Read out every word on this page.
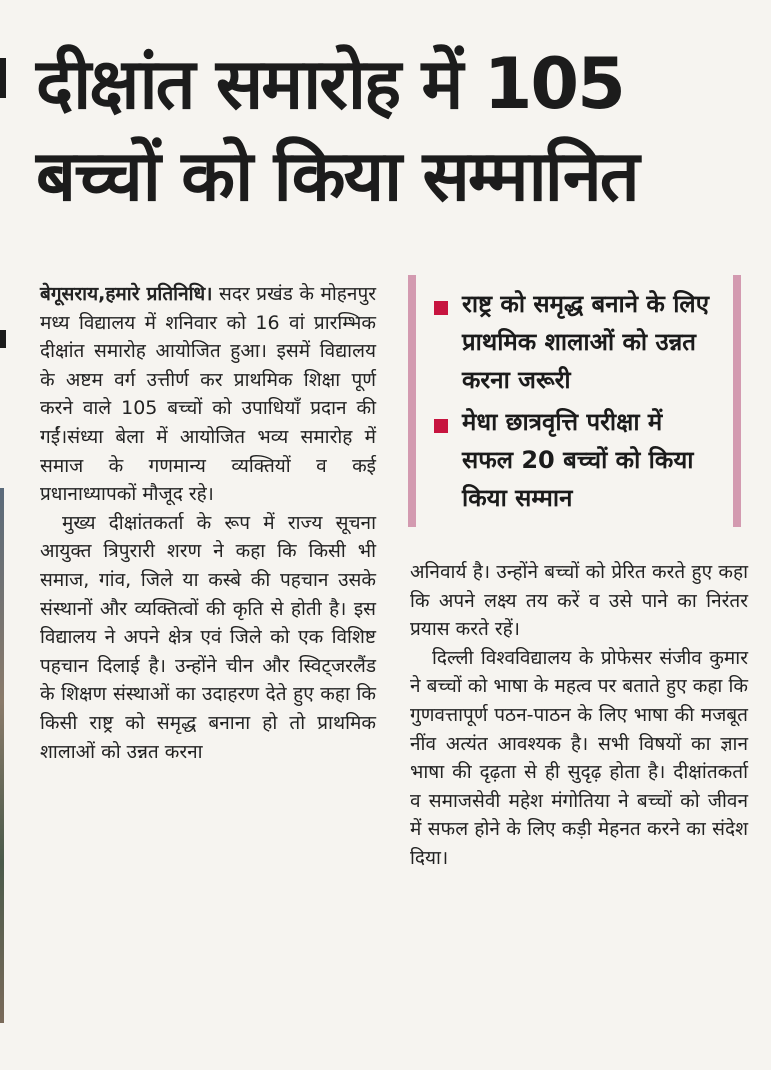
दीक्षांत समारोह में 105
बच्चों को किया सम्मानित

बेगूसराय,हमारे प्रतिनिधि। सदर प्रखंड के मोहनपुर मध्य विद्यालय में शनिवार को 16 वां प्रारम्भिक दीक्षांत समारोह आयोजित हुआ। इसमें विद्यालय के अष्टम वर्ग उत्तीर्ण कर प्राथमिक शिक्षा पूर्ण करने वाले 105 बच्चों को उपाधियाँ प्रदान की गईं।संध्या बेला में आयोजित भव्य समारोह में समाज के गणमान्य व्यक्तियों व कई प्रधानाध्यापकों मौजूद रहे।

मुख्य दीक्षांतकर्ता के रूप में राज्य सूचना आयुक्त त्रिपुरारी शरण ने कहा कि किसी भी समाज, गांव, जिले या कस्बे की पहचान उसके संस्थानों और व्यक्तित्वों की कृति से होती है। इस विद्यालय ने अपने क्षेत्र एवं जिले को एक विशिष्ट पहचान दिलाई है। उन्होंने चीन और स्विट्जरलैंड के शिक्षण संस्थाओं का उदाहरण देते हुए कहा कि किसी राष्ट्र को समृद्ध बनाना हो तो प्राथमिक शालाओं को उन्नत करना

राष्ट्र को समृद्ध बनाने के लिए प्राथमिक शालाओं को उन्नत करना जरूरी
मेधा छात्रवृत्ति परीक्षा में सफल 20 बच्चों को किया किया सम्मान

अनिवार्य है। उन्होंने बच्चों को प्रेरित करते हुए कहा कि अपने लक्ष्य तय करें व उसे पाने का निरंतर प्रयास करते रहें।

दिल्ली विश्वविद्यालय के प्रोफेसर संजीव कुमार ने बच्चों को भाषा के महत्व पर बताते हुए कहा कि गुणवत्तापूर्ण पठन-पाठन के लिए भाषा की मजबूत नींव अत्यंत आवश्यक है। सभी विषयों का ज्ञान भाषा की दृढ़ता से ही सुदृढ़ होता है। दीक्षांतकर्ता व समाजसेवी महेश मंगोतिया ने बच्चों को जीवन में सफल होने के लिए कड़ी मेहनत करने का संदेश दिया।
